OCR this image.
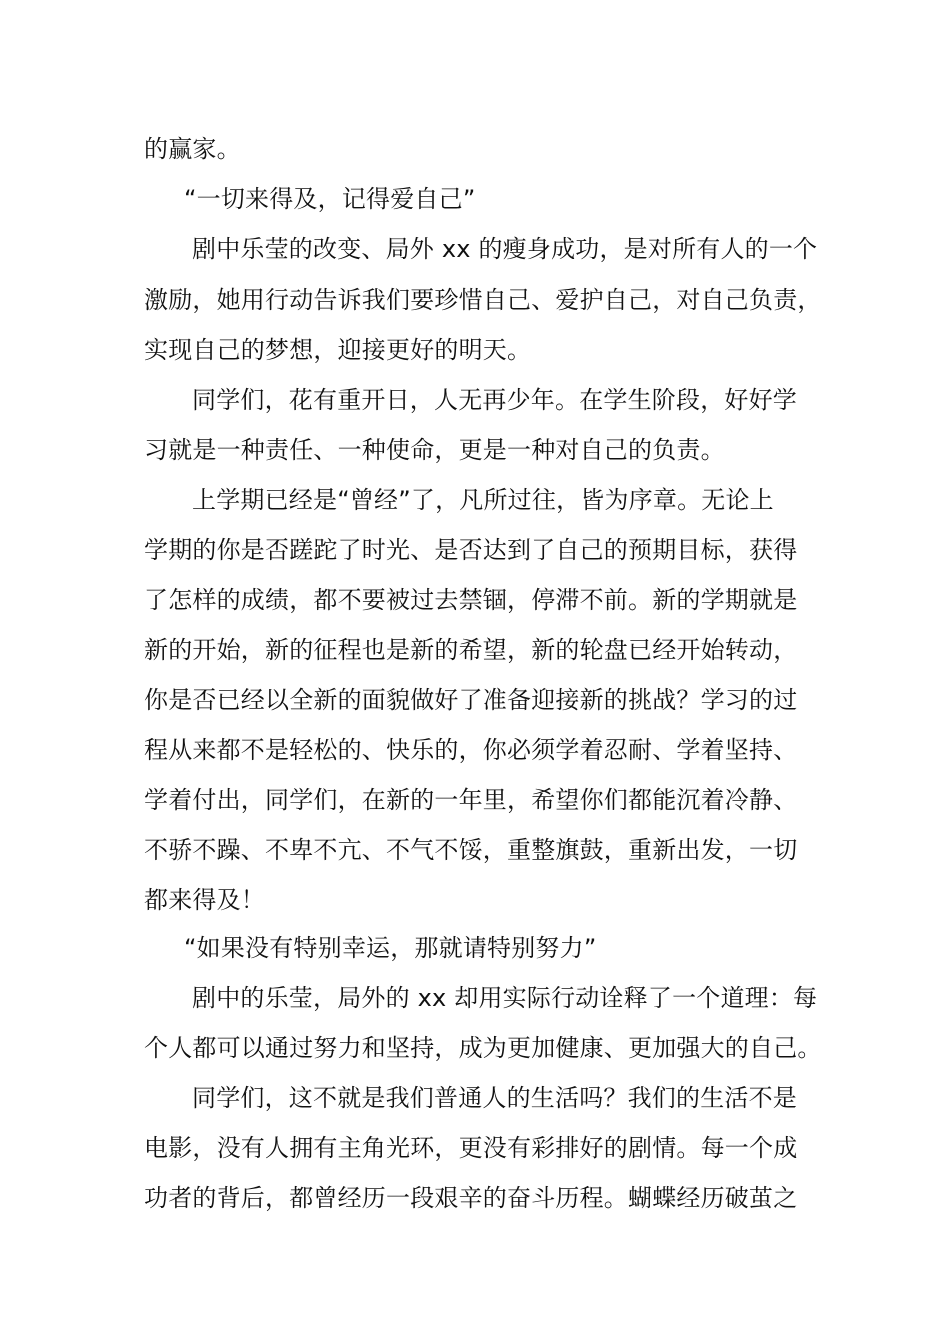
的赢家。
“一切来得及，记得爱自己”
剧中乐莹的改变、局外 xx 的瘦身成功，是对所有人的一个
激励，她用行动告诉我们要珍惜自己、爱护自己，对自己负责，
实现自己的梦想，迎接更好的明天。
同学们，花有重开日，人无再少年。在学生阶段，好好学
习就是一种责任、一种使命，更是一种对自己的负责。
上学期已经是“曾经”了，凡所过往，皆为序章。无论上
学期的你是否蹉跎了时光、是否达到了自己的预期目标，获得
了怎样的成绩，都不要被过去禁锢，停滞不前。新的学期就是
新的开始，新的征程也是新的希望，新的轮盘已经开始转动，
你是否已经以全新的面貌做好了准备迎接新的挑战？学习的过
程从来都不是轻松的、快乐的，你必须学着忍耐、学着坚持、
学着付出，同学们，在新的一年里，希望你们都能沉着冷静、
不骄不躁、不卑不亢、不气不馁，重整旗鼓，重新出发，一切
都来得及！
“如果没有特别幸运，那就请特别努力”
剧中的乐莹，局外的 xx 却用实际行动诠释了一个道理：每
个人都可以通过努力和坚持，成为更加健康、更加强大的自己。
同学们，这不就是我们普通人的生活吗？我们的生活不是
电影，没有人拥有主角光环，更没有彩排好的剧情。每一个成
功者的背后，都曾经历一段艰辛的奋斗历程。蝴蝶经历破茧之
